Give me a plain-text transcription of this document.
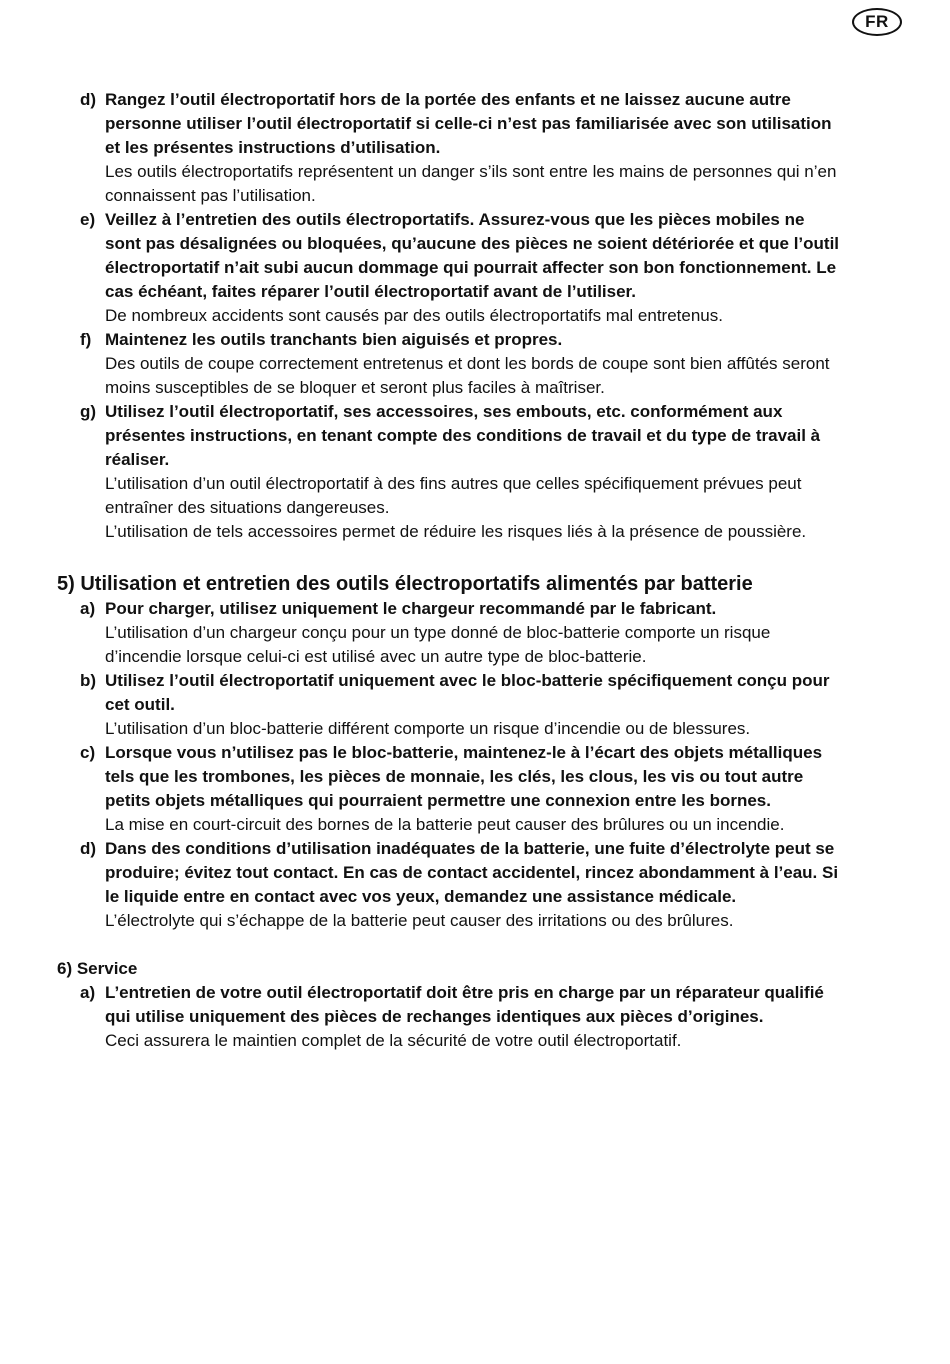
FR
d) Rangez l’outil électroportatif hors de la portée des enfants et ne laissez aucune autre personne utiliser l’outil électroportatif si celle-ci n’est pas familiarisée avec son utilisation et les présentes instructions d’utilisation.
Les outils électroportatifs représentent un danger s’ils sont entre les mains de personnes qui n’en connaissent pas l’utilisation.
e) Veillez à l’entretien des outils électroportatifs. Assurez-vous que les pièces mobiles ne sont pas désalignées ou bloquées, qu’aucune des pièces ne soient détériorée et que l’outil électroportatif n’ait subi aucun dommage qui pourrait affecter son bon fonctionnement. Le cas échéant, faites réparer l’outil électroportatif avant de l’utiliser.
De nombreux accidents sont causés par des outils électroportatifs mal entretenus.
f) Maintenez les outils tranchants bien aiguisés et propres.
Des outils de coupe correctement entretenus et dont les bords de coupe sont bien affûtés seront moins susceptibles de se bloquer et seront plus faciles à maîtriser.
g) Utilisez l’outil électroportatif, ses accessoires, ses embouts, etc. conformément aux présentes instructions, en tenant compte des conditions de travail et du type de travail à réaliser.
L’utilisation d’un outil électroportatif à des fins autres que celles spécifiquement prévues peut entraîner des situations dangereuses.
L’utilisation de tels accessoires permet de réduire les risques liés à la présence de poussière.
5) Utilisation et entretien des outils électroportatifs alimentés par batterie
a) Pour charger, utilisez uniquement le chargeur recommandé par le fabricant.
L’utilisation d’un chargeur conçu pour un type donné de bloc-batterie comporte un risque d’incendie lorsque celui-ci est utilisé avec un autre type de bloc-batterie.
b) Utilisez l’outil électroportatif uniquement avec le bloc-batterie spécifiquement conçu pour cet outil.
L’utilisation d’un bloc-batterie différent comporte un risque d’incendie ou de blessures.
c) Lorsque vous n’utilisez pas le bloc-batterie, maintenez-le à l’écart des objets métalliques tels que les trombones, les pièces de monnaie, les clés, les clous, les vis ou tout autre petits objets métalliques qui pourraient permettre une connexion entre les bornes.
La mise en court-circuit des bornes de la batterie peut causer des brûlures ou un incendie.
d) Dans des conditions d’utilisation inadéquates de la batterie, une fuite d’électrolyte peut se produire; évitez tout contact. En cas de contact accidentel, rincez abondamment à l’eau. Si le liquide entre en contact avec vos yeux, demandez une assistance médicale.
L’électrolyte qui s’échappe de la batterie peut causer des irritations ou des brûlures.
6) Service
a) L’entretien de votre outil électroportatif doit être pris en charge par un réparateur qualifié qui utilise uniquement des pièces de rechanges identiques aux pièces d’origines.
Ceci assurera le maintien complet de la sécurité de votre outil électroportatif.
